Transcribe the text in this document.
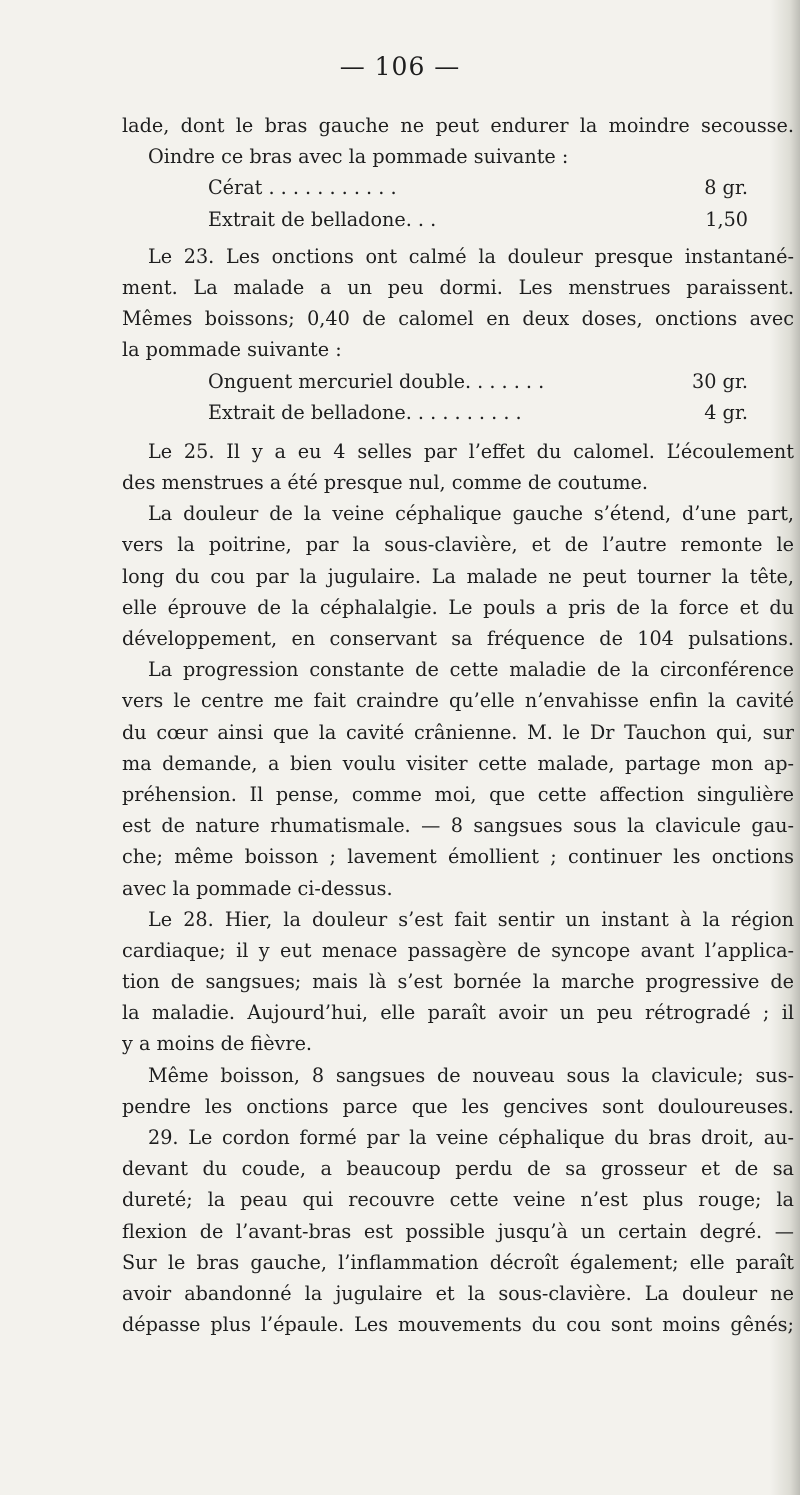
— 106 —
lade, dont le bras gauche ne peut endurer la moindre secousse.
Oindre ce bras avec la pommade suivante :
Cérat . . . . . . . . . . .	8 gr.
Extrait de belladone. . .	1,50
Le 23. Les onctions ont calmé la douleur presque instantané-
ment. La malade a un peu dormi. Les menstrues paraissent.
Mêmes boissons; 0,40 de calomel en deux doses, onctions avec
la pommade suivante :
Onguent mercuriel double. . . . . . .	30 gr.
Extrait de belladone. . . . . . . . . .	4 gr.
Le 25. Il y a eu 4 selles par l’effet du calomel. L’écoulement
des menstrues a été presque nul, comme de coutume.
La douleur de la veine céphalique gauche s’étend, d’une part,
vers la poitrine, par la sous-clavière, et de l’autre remonte le
long du cou par la jugulaire. La malade ne peut tourner la tête,
elle éprouve de la céphalalgie. Le pouls a pris de la force et du
développement, en conservant sa fréquence de 104 pulsations.
La progression constante de cette maladie de la circonférence
vers le centre me fait craindre qu’elle n’envahisse enfin la cavité
du cœur ainsi que la cavité crânienne. M. le Dr Tauchon qui, sur
ma demande, a bien voulu visiter cette malade, partage mon ap-
préhension. Il pense, comme moi, que cette affection singulière
est de nature rhumatismale. — 8 sangsues sous la clavicule gau-
che; même boisson ; lavement émollient ; continuer les onctions
avec la pommade ci-dessus.
Le 28. Hier, la douleur s’est fait sentir un instant à la région
cardiaque; il y eut menace passagère de syncope avant l’applica-
tion de sangsues; mais là s’est bornée la marche progressive de
la maladie. Aujourd’hui, elle paraît avoir un peu rétrogradé ; il
y a moins de fièvre.
Même boisson, 8 sangsues de nouveau sous la clavicule; sus-
pendre les onctions parce que les gencives sont douloureuses.
29. Le cordon formé par la veine céphalique du bras droit, au-
devant du coude, a beaucoup perdu de sa grosseur et de sa
dureté; la peau qui recouvre cette veine n’est plus rouge; la
flexion de l’avant-bras est possible jusqu’à un certain degré. —
Sur le bras gauche, l’inflammation décroît également; elle paraît
avoir abandonné la jugulaire et la sous-clavière. La douleur ne
dépasse plus l’épaule. Les mouvements du cou sont moins gênés;
